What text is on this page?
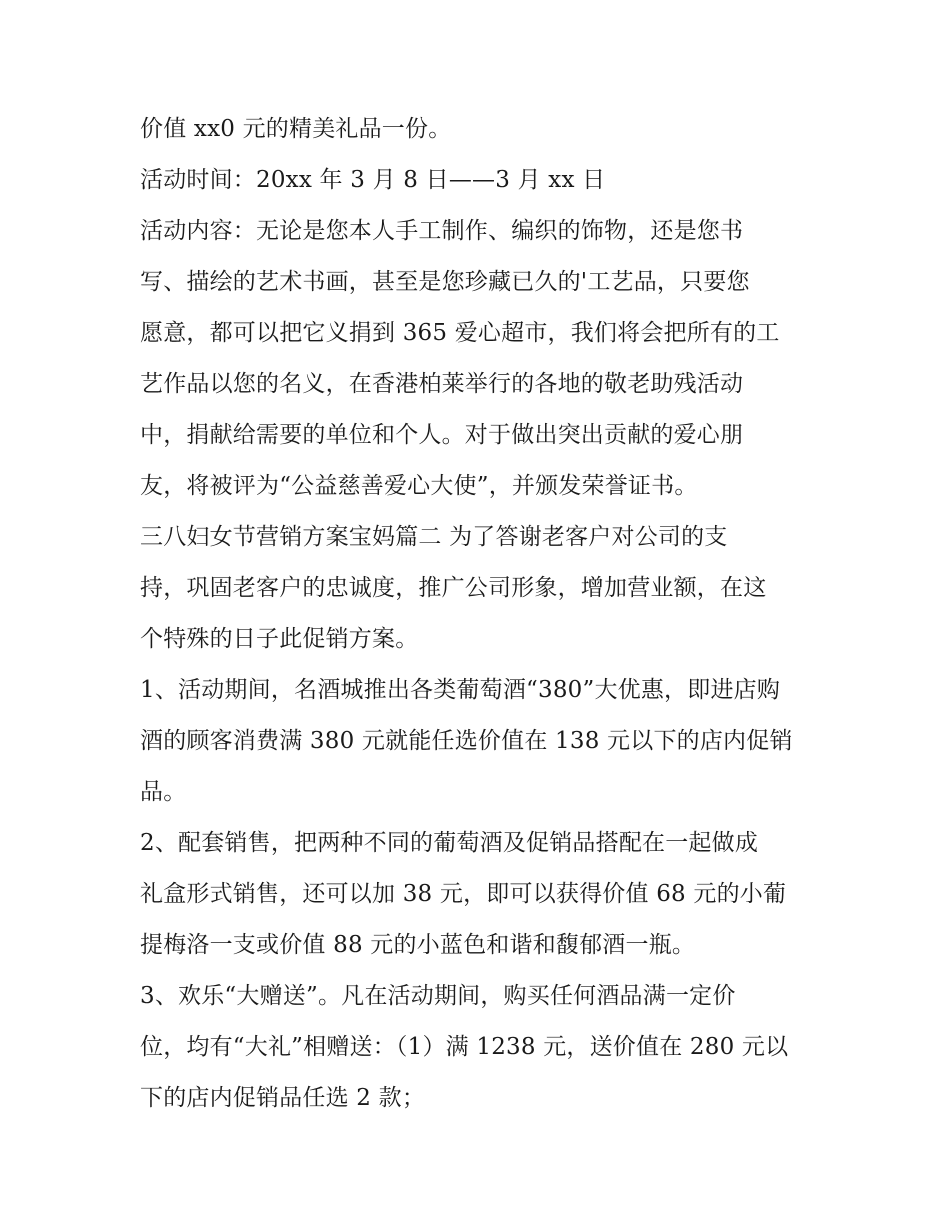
价值 xx0 元的精美礼品一份。

活动时间：20xx 年 3 月 8 日——3 月 xx 日

活动内容：无论是您本人手工制作、编织的饰物，还是您书

写、描绘的艺术书画，甚至是您珍藏已久的'工艺品，只要您

愿意，都可以把它义捐到 365 爱心超市，我们将会把所有的工

艺作品以您的名义，在香港柏莱举行的各地的敬老助残活动

中，捐献给需要的单位和个人。对于做出突出贡献的爱心朋

友，将被评为“公益慈善爱心大使”，并颁发荣誉证书。

三八妇女节营销方案宝妈篇二 为了答谢老客户对公司的支

持，巩固老客户的忠诚度，推广公司形象，增加营业额，在这

个特殊的日子此促销方案。

1、活动期间，名酒城推出各类葡萄酒“380”大优惠，即进店购

酒的顾客消费满 380 元就能任选价值在 138 元以下的店内促销

品。

2、配套销售，把两种不同的葡萄酒及促销品搭配在一起做成

礼盒形式销售，还可以加 38 元，即可以获得价值 68 元的小葡

提梅洛一支或价值 88 元的小蓝色和谐和馥郁酒一瓶。

3、欢乐“大赠送”。凡在活动期间，购买任何酒品满一定价

位，均有“大礼”相赠送：（1）满 1238 元，送价值在 280 元以

下的店内促销品任选 2 款；
